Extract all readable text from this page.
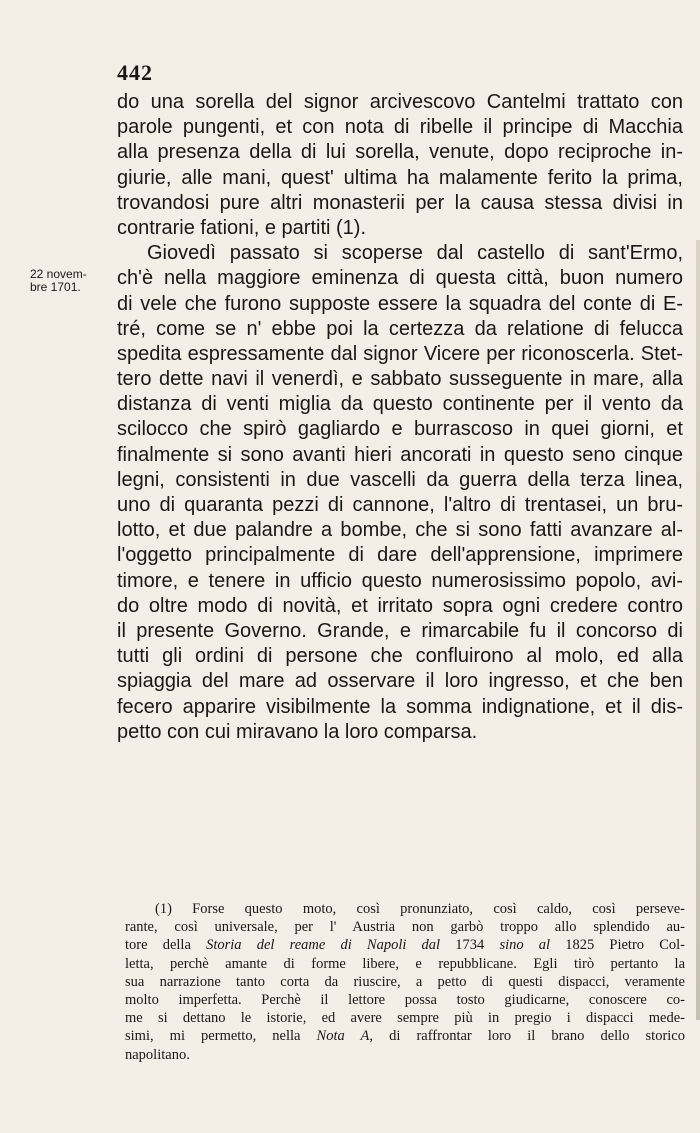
442
22 novem-
bre 1701.
do una sorella del signor arcivescovo Cantelmi trattato con
parole pungenti, et con nota di ribelle il principe di Macchia
alla presenza della di lui sorella, venute, dopo reciproche in-
giurie, alle mani, quest' ultima ha malamente ferito la prima,
trovandosi pure altri monasterii per la causa stessa divisi in
contrarie fationi, e partiti (1).
Giovedì passato si scoperse dal castello di sant'Ermo,
ch'è nella maggiore eminenza di questa città, buon numero
di vele che furono supposte essere la squadra del conte di E-
tré, come se n' ebbe poi la certezza da relatione di felucca
spedita espressamente dal signor Vicere per riconoscerla. Stet-
tero dette navi il venerdì, e sabbato susseguente in mare, alla
distanza di venti miglia da questo continente per il vento da
scilocco che spirò gagliardo e burrascoso in quei giorni, et
finalmente si sono avanti hieri ancorati in questo seno cinque
legni, consistenti in due vascelli da guerra della terza linea,
uno di quaranta pezzi di cannone, l'altro di trentasei, un bru-
lotto, et due palandre a bombe, che si sono fatti avanzare al-
l'oggetto principalmente di dare dell'apprensione, imprimere
timore, e tenere in ufficio questo numerosissimo popolo, avi-
do oltre modo di novità, et irritato sopra ogni credere contro
il presente Governo. Grande, e rimarcabile fu il concorso di
tutti gli ordini di persone che confluirono al molo, ed alla
spiaggia del mare ad osservare il loro ingresso, et che ben
fecero apparire visibilmente la somma indignatione, et il dis-
petto con cui miravano la loro comparsa.
(1) Forse questo moto, così pronunziato, così caldo, così perseve-
rante, così universale, per l' Austria non garbò troppo allo splendido au-
tore della Storia del reame di Napoli dal 1734 sino al 1825 Pietro Col-
letta, perchè amante di forme libere, e repubblicane. Egli tirò pertanto la
sua narrazione tanto corta da riuscire, a petto di questi dispacci, veramente
molto imperfetta. Perchè il lettore possa tosto giudicarne, conoscere co-
me si dettano le istorie, ed avere sempre più in pregio i dispacci mede-
simi, mi permetto, nella Nota A, di raffrontar loro il brano dello storico
napolitano.
